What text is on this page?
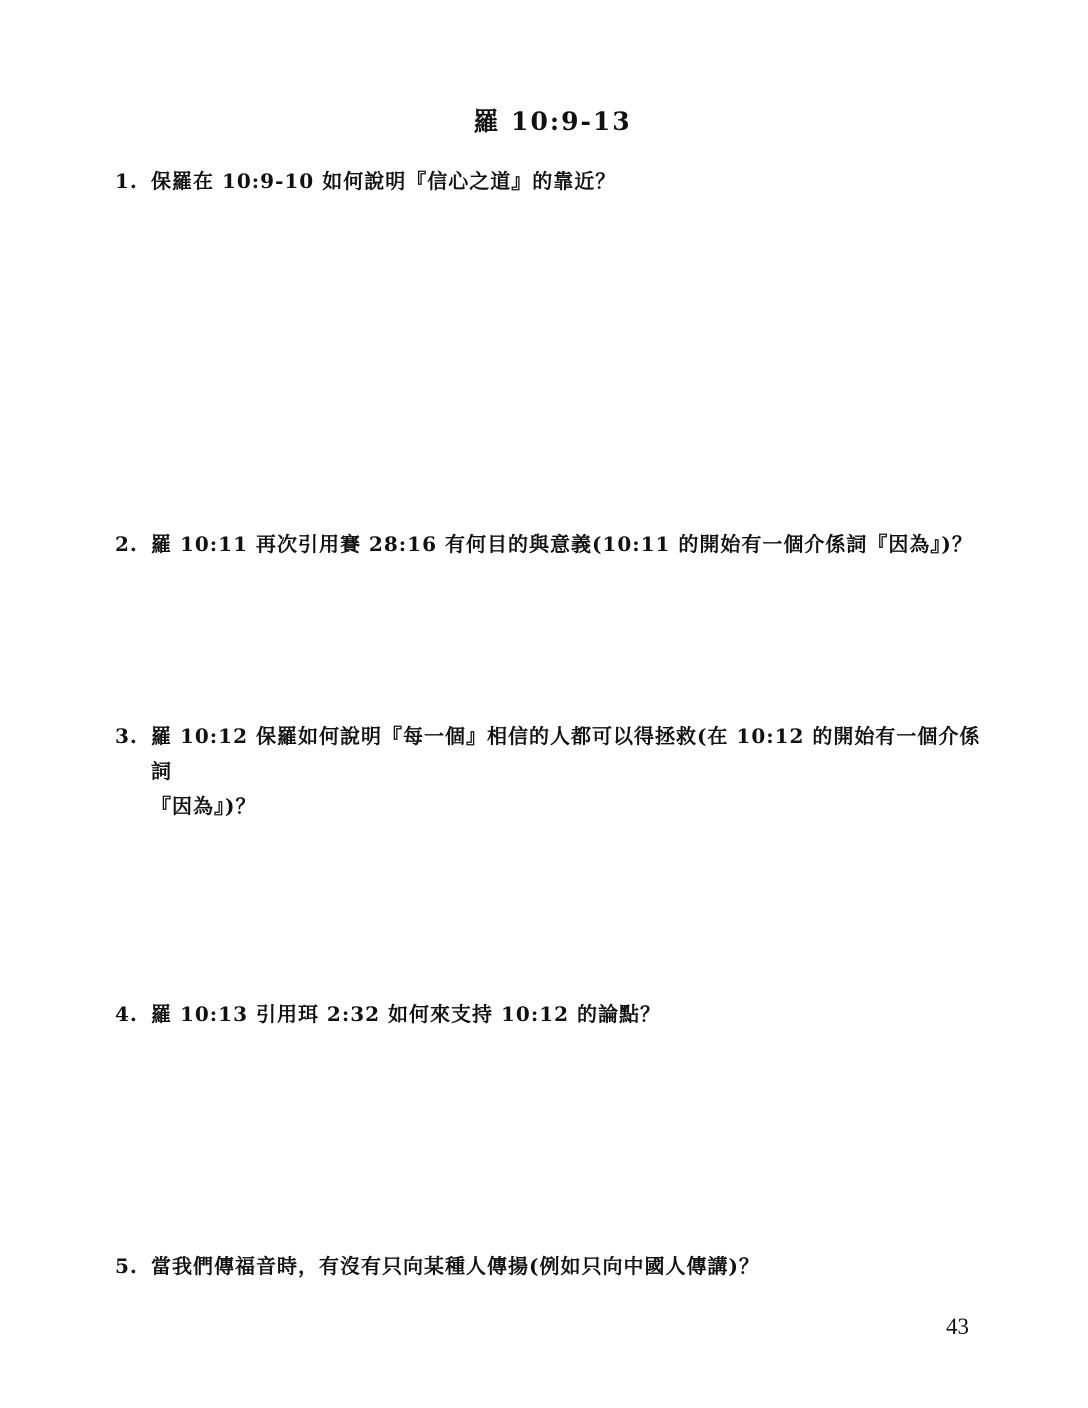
羅 10:9-13
1. 保羅在 10:9-10 如何說明『信心之道』的靠近？
2. 羅 10:11 再次引用賽 28:16 有何目的與意義(10:11 的開始有一個介係詞『因為』)？
3. 羅 10:12 保羅如何說明『每一個』相信的人都可以得拯救(在 10:12 的開始有一個介係詞
『因為』)？
4. 羅 10:13 引用珥 2:32 如何來支持 10:12 的論點？
5. 當我們傳福音時，有沒有只向某種人傳揚(例如只向中國人傳講)？
43
